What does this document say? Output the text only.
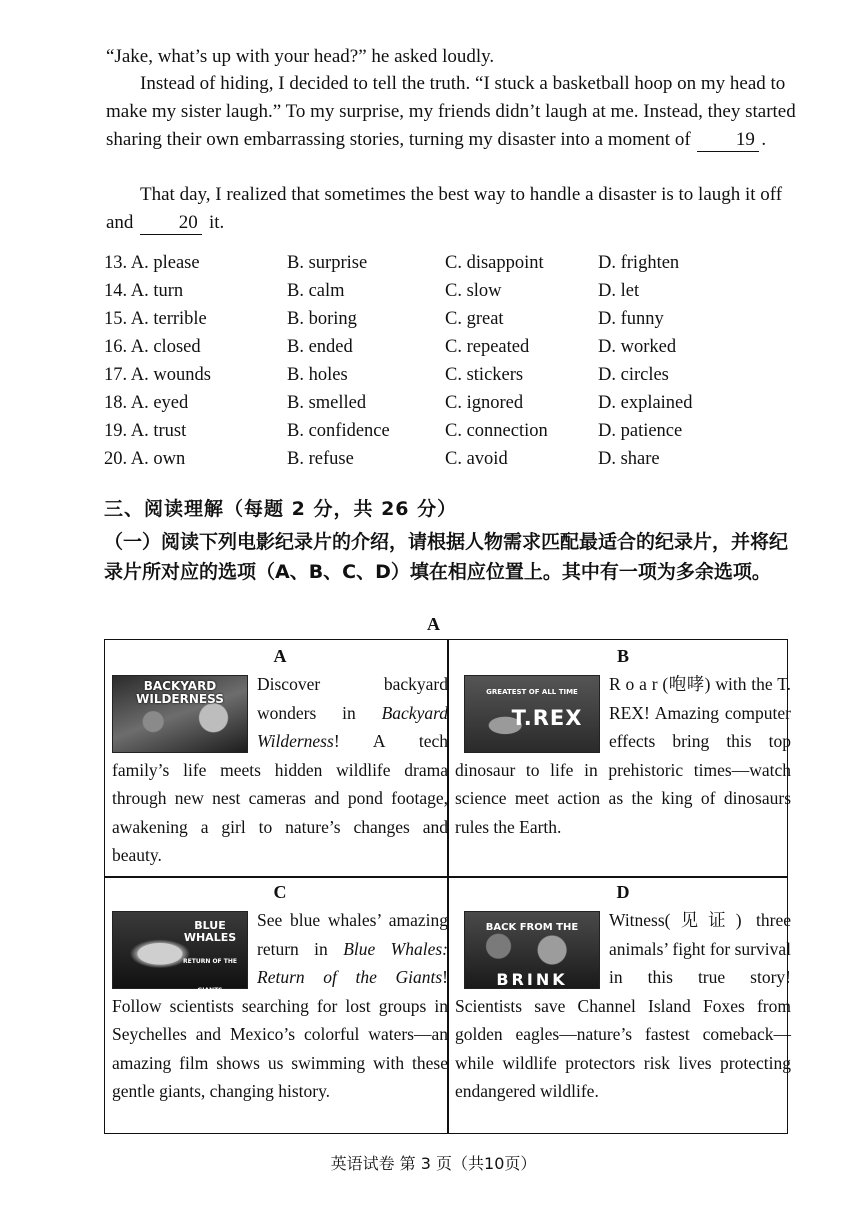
“Jake, what’s up with your head?” he asked loudly.
Instead of hiding, I decided to tell the truth. “I stuck a basketball hoop on my head to make my sister laugh.” To my surprise, my friends didn’t laugh at me. Instead, they started sharing their own embarrassing stories, turning my disaster into a moment of 19 .
That day, I realized that sometimes the best way to handle a disaster is to laugh it off and 20 it.
13. A. please	B. surprise	C. disappoint	D. frighten
14. A. turn	B. calm	C. slow	D. let
15. A. terrible	B. boring	C. great	D. funny
16. A. closed	B. ended	C. repeated	D. worked
17. A. wounds	B. holes	C. stickers	D. circles
18. A. eyed	B. smelled	C. ignored	D. explained
19. A. trust	B. confidence	C. connection	D. patience
20. A. own	B. refuse	C. avoid	D. share
三、阅读理解（每题 2 分，共 26 分）
（一）阅读下列电影纪录片的介绍，请根据人物需求匹配最适合的纪录片，并将纪录片所对应的选项（A、B、C、D）填在相应位置上。其中有一项为多余选项。
A
A
BACKYARD WILDERNESS
Discover backyard wonders in Backyard Wilderness! A tech family’s life meets hidden wildlife drama through new nest cameras and pond footage, awakening a girl to nature’s changes and beauty.
B
GREATEST OF ALL TIME
T.REX
R o a r (咆哮) with the T. REX! Amazing computer effects bring this top dinosaur to life in prehistoric times—watch science meet action as the king of dinosaurs rules the Earth.
C
BLUE WHALES
RETURN OF THE GIANTS
See blue whales’ amazing return in Blue Whales: Return of the Giants! Follow scientists searching for lost groups in Seychelles and Mexico’s colorful waters—an amazing film shows us swimming with these gentle giants, changing history.
D
BACK FROM THE
BRINK
Witness(见证) three animals’ fight for survival in this true story! Scientists save Channel Island Foxes from golden eagles—nature’s fastest comeback—while wildlife protectors risk lives protecting endangered wildlife.
英语试卷 第 3 页（共10页）
